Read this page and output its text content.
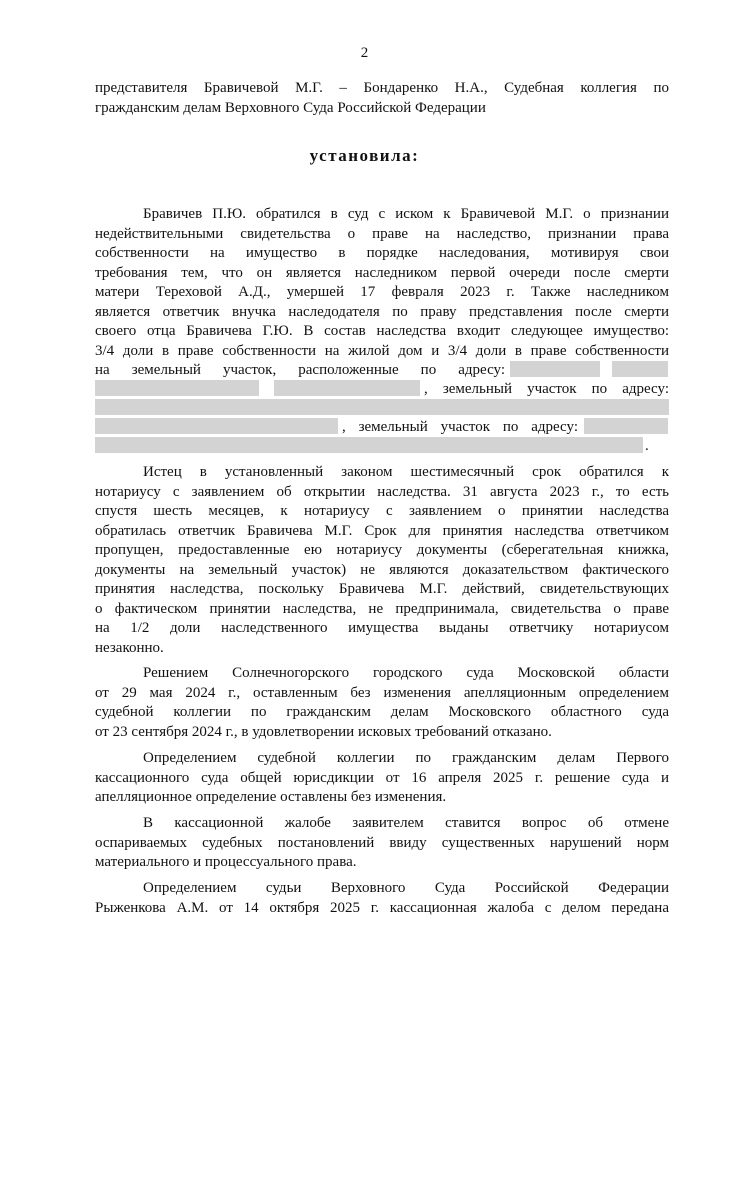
2
представителя Бравичевой М.Г. – Бондаренко Н.А., Судебная коллегия по
гражданским делам Верховного Суда Российской Федерации
установила:
Бравичев П.Ю. обратился в суд с иском к Бравичевой М.Г. о признании
недействительными свидетельства о праве на наследство, признании права
собственности на имущество в порядке наследования, мотивируя свои
требования тем, что он является наследником первой очереди после смерти
матери Тереховой А.Д., умершей 17 февраля 2023 г. Также наследником
является ответчик внучка наследодателя по праву представления после смерти
своего отца Бравичева Г.Ю. В состав наследства входит следующее имущество:
3/4 доли в праве собственности на жилой дом и 3/4 доли в праве собственности
на земельный участок, расположенные по адресу:
, земельный участок по адресу:
, земельный участок по адресу:
.
Истец в установленный законом шестимесячный срок обратился к
нотариусу с заявлением об открытии наследства. 31 августа 2023 г., то есть
спустя шесть месяцев, к нотариусу с заявлением о принятии наследства
обратилась ответчик Бравичева М.Г. Срок для принятия наследства ответчиком
пропущен, предоставленные ею нотариусу документы (сберегательная книжка,
документы на земельный участок) не являются доказательством фактического
принятия наследства, поскольку Бравичева М.Г. действий, свидетельствующих
о фактическом принятии наследства, не предпринимала, свидетельства о праве
на 1/2 доли наследственного имущества выданы ответчику нотариусом
незаконно.
Решением Солнечногорского городского суда Московской области
от 29 мая 2024 г., оставленным без изменения апелляционным определением
судебной коллегии по гражданским делам Московского областного суда
от 23 сентября 2024 г., в удовлетворении исковых требований отказано.
Определением судебной коллегии по гражданским делам Первого
кассационного суда общей юрисдикции от 16 апреля 2025 г. решение суда и
апелляционное определение оставлены без изменения.
В кассационной жалобе заявителем ставится вопрос об отмене
оспариваемых судебных постановлений ввиду существенных нарушений норм
материального и процессуального права.
Определением судьи Верховного Суда Российской Федерации
Рыженкова А.М. от 14 октября 2025 г. кассационная жалоба с делом передана
